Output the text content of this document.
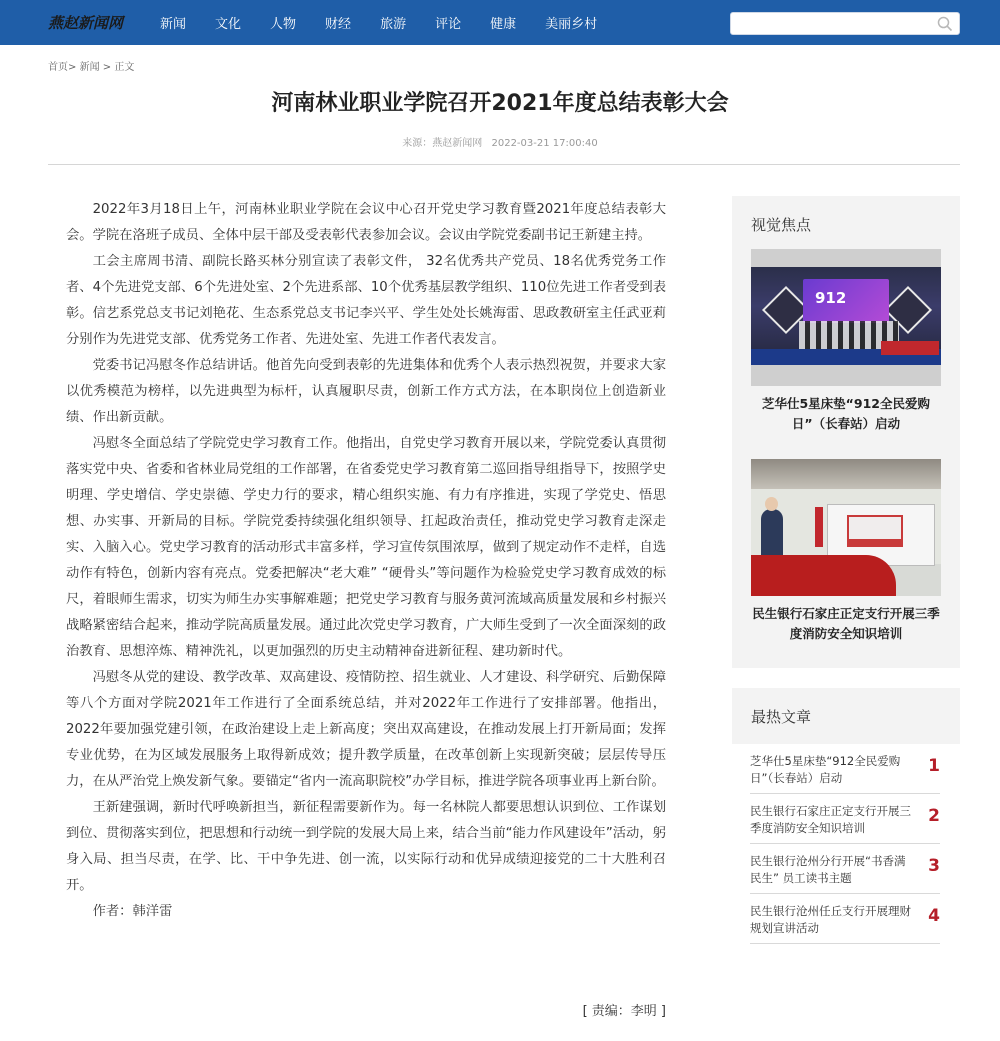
燕赵新闻网	新闻 文化 人物 财经 旅游 评论 健康 美丽乡村
首页> 新闻 > 正文
河南林业职业学院召开2021年度总结表彰大会
来源：燕赵新闻网 2022-03-21 17:00:40

2022年3月18日上午，河南林业职业学院在会议中心召开党史学习教育暨2021年度总结表彰大会。学院在洛班子成员、全体中层干部及受表彰代表参加会议。会议由学院党委副书记王新建主持。

工会主席周书清、副院长路买林分别宣读了表彰文件， 32名优秀共产党员、18名优秀党务工作者、4个先进党支部、6个先进处室、2个先进系部、10个优秀基层教学组织、110位先进工作者受到表彰。信艺系党总支书记刘艳花、生态系党总支书记李兴平、学生处处长姚海雷、思政教研室主任武亚莉分别作为先进党支部、优秀党务工作者、先进处室、先进工作者代表发言。

党委书记冯慰冬作总结讲话。他首先向受到表彰的先进集体和优秀个人表示热烈祝贺，并要求大家以优秀模范为榜样，以先进典型为标杆，认真履职尽责，创新工作方式方法，在本职岗位上创造新业绩、作出新贡献。

冯慰冬全面总结了学院党史学习教育工作。他指出，自党史学习教育开展以来，学院党委认真贯彻落实党中央、省委和省林业局党组的工作部署，在省委党史学习教育第二巡回指导组指导下，按照学史明理、学史增信、学史崇德、学史力行的要求，精心组织实施、有力有序推进，实现了学党史、悟思想、办实事、开新局的目标。学院党委持续强化组织领导、扛起政治责任，推动党史学习教育走深走实、入脑入心。党史学习教育的活动形式丰富多样，学习宣传氛围浓厚，做到了规定动作不走样，自选动作有特色，创新内容有亮点。党委把解决“老大难” “硬骨头”等问题作为检验党史学习教育成效的标尺，着眼师生需求，切实为师生办实事解难题；把党史学习教育与服务黄河流域高质量发展和乡村振兴战略紧密结合起来，推动学院高质量发展。通过此次党史学习教育，广大师生受到了一次全面深刻的政治教育、思想淬炼、精神洗礼，以更加强烈的历史主动精神奋进新征程、建功新时代。

冯慰冬从党的建设、教学改革、双高建设、疫情防控、招生就业、人才建设、科学研究、后勤保障等八个方面对学院2021年工作进行了全面系统总结，并对2022年工作进行了安排部署。他指出，2022年要加强党建引领，在政治建设上走上新高度；突出双高建设，在推动发展上打开新局面；发挥专业优势，在为区域发展服务上取得新成效；提升教学质量，在改革创新上实现新突破；层层传导压力，在从严治党上焕发新气象。要锚定“省内一流高职院校”办学目标，推进学院各项事业再上新台阶。

王新建强调，新时代呼唤新担当，新征程需要新作为。每一名林院人都要思想认识到位、工作谋划到位、贯彻落实到位，把思想和行动统一到学院的发展大局上来，结合当前“能力作风建设年”活动，躬身入局、担当尽责，在学、比、干中争先进、创一流，以实际行动和优异成绩迎接党的二十大胜利召开。

作者：韩洋雷

[ 责编：李明 ]
视觉焦点
912
芝华仕5星床垫“912全民爱购日”（长春站）启动
民生银行石家庄正定支行开展三季度消防安全知识培训
最热文章
芝华仕5星床垫“912全民爱购日”（长春站）启动
1
民生银行石家庄正定支行开展三季度消防安全知识培训
2
民生银行沧州分行开展“书香满民生” 员工读书主题
3
民生银行沧州任丘支行开展理财规划宣讲活动
4
